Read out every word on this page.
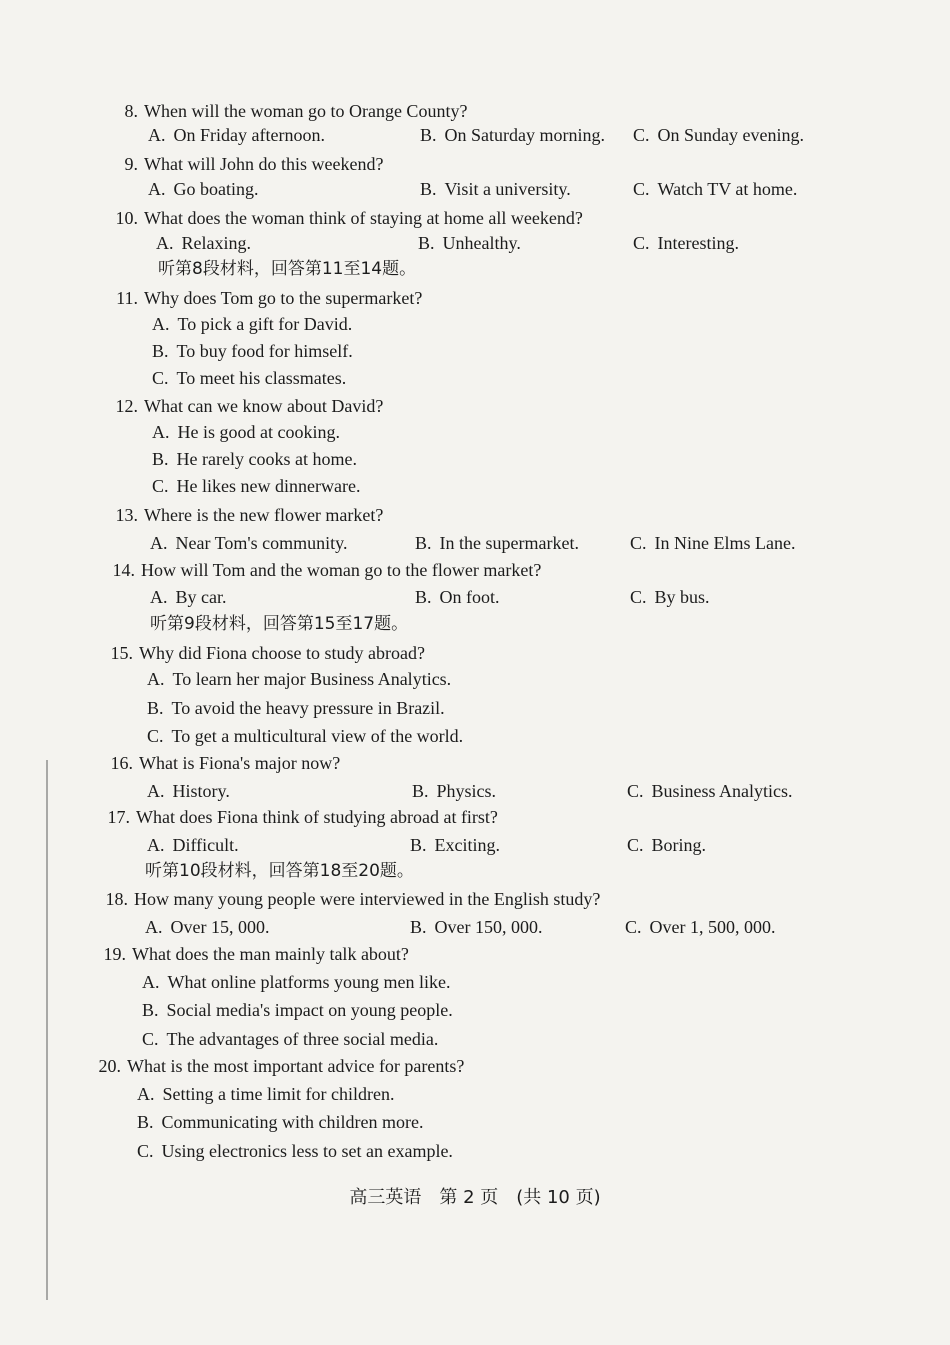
听第8段材料，回答第11至14题。
听第9段材料，回答第15至17题。
听第10段材料，回答第18至20题。
高三英语　第 2 页　(共 10 页)
8. When will the woman go to Orange County?
A. On Friday afternoon.	B. On Saturday morning. C. On Sunday evening.
9. What will John do this weekend?
A. Go boating.	B. Visit a university.	C. Watch TV at home.
10. What does the woman think of staying at home all weekend?
A. Relaxing.	B. Unhealthy.	C. Interesting.
11. Why does Tom go to the supermarket?
A. To pick a gift for David.
B. To buy food for himself.
C. To meet his classmates.
12. What can we know about David?
A. He is good at cooking.
B. He rarely cooks at home.
C. He likes new dinnerware.
13. Where is the new flower market?
A. Near Tom's community.	B. In the supermarket.	C. In Nine Elms Lane.
14. How will Tom and the woman go to the flower market?
A. By car.	B. On foot.	C. By bus.
15. Why did Fiona choose to study abroad?
A. To learn her major Business Analytics.
B. To avoid the heavy pressure in Brazil.
C. To get a multicultural view of the world.
16. What is Fiona's major now?
A. History.	B. Physics.	C. Business Analytics.
17. What does Fiona think of studying abroad at first?
A. Difficult.	B. Exciting.	C. Boring.
18. How many young people were interviewed in the English study?
A. Over 15, 000.	B. Over 150, 000.	C. Over 1, 500, 000.
19. What does the man mainly talk about?
A. What online platforms young men like.
B. Social media's impact on young people.
C. The advantages of three social media.
20. What is the most important advice for parents?
A. Setting a time limit for children.
B. Communicating with children more.
C. Using electronics less to set an example.
